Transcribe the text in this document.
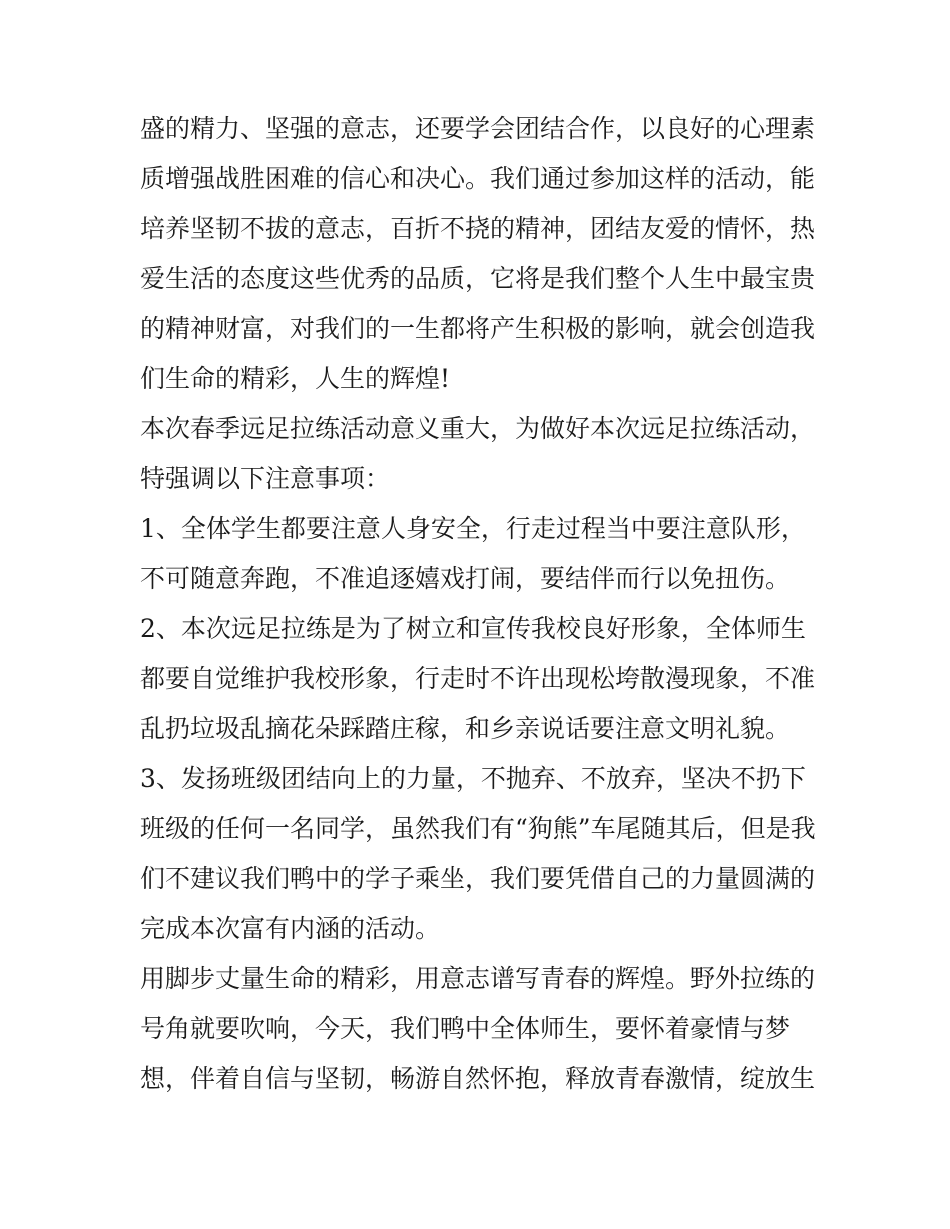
盛的精力、坚强的意志，还要学会团结合作，以良好的心理素
质增强战胜困难的信心和决心。我们通过参加这样的活动，能
培养坚韧不拔的意志，百折不挠的精神，团结友爱的情怀，热
爱生活的态度这些优秀的品质，它将是我们整个人生中最宝贵
的精神财富，对我们的一生都将产生积极的影响，就会创造我
们生命的精彩，人生的辉煌!
本次春季远足拉练活动意义重大，为做好本次远足拉练活动，
特强调以下注意事项：
1、全体学生都要注意人身安全，行走过程当中要注意队形，
不可随意奔跑，不准追逐嬉戏打闹，要结伴而行以免扭伤。
2、本次远足拉练是为了树立和宣传我校良好形象，全体师生
都要自觉维护我校形象，行走时不许出现松垮散漫现象，不准
乱扔垃圾乱摘花朵踩踏庄稼，和乡亲说话要注意文明礼貌。
3、发扬班级团结向上的力量，不抛弃、不放弃，坚决不扔下
班级的任何一名同学，虽然我们有“狗熊”车尾随其后，但是我
们不建议我们鸭中的学子乘坐，我们要凭借自己的力量圆满的
完成本次富有内涵的活动。
用脚步丈量生命的精彩，用意志谱写青春的辉煌。野外拉练的
号角就要吹响，今天，我们鸭中全体师生，要怀着豪情与梦
想，伴着自信与坚韧，畅游自然怀抱，释放青春激情，绽放生
